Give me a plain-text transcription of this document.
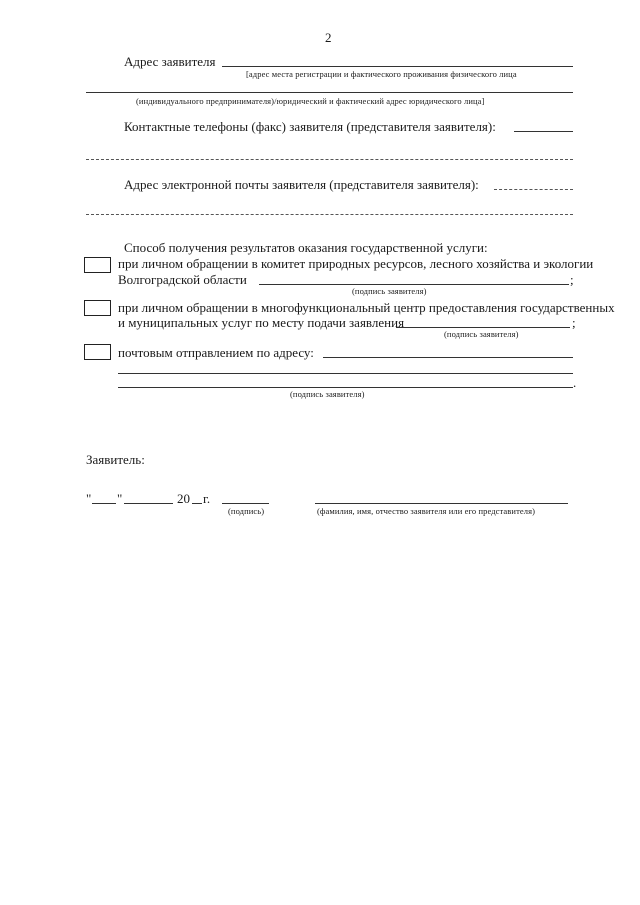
2
Адрес заявителя
[адрес места регистрации и фактического проживания физического лица
(индивидуального предпринимателя)/юридический и фактический адрес юридического лица]
Контактные телефоны (факс) заявителя (представителя заявителя):
Адрес электронной почты заявителя (представителя заявителя):
Способ получения результатов оказания государственной услуги:
при личном обращении в комитет природных ресурсов, лесного хозяйства и экологии
Волгоградской области	;
(подпись заявителя)
при личном обращении в многофункциональный центр предоставления государственных
и муниципальных услуг по месту подачи заявления	;
(подпись заявителя)
почтовым отправлением по адресу:
.
(подпись заявителя)
Заявитель:
" "	20 г.
(подпись)	(фамилия, имя, отчество заявителя или его представителя)
